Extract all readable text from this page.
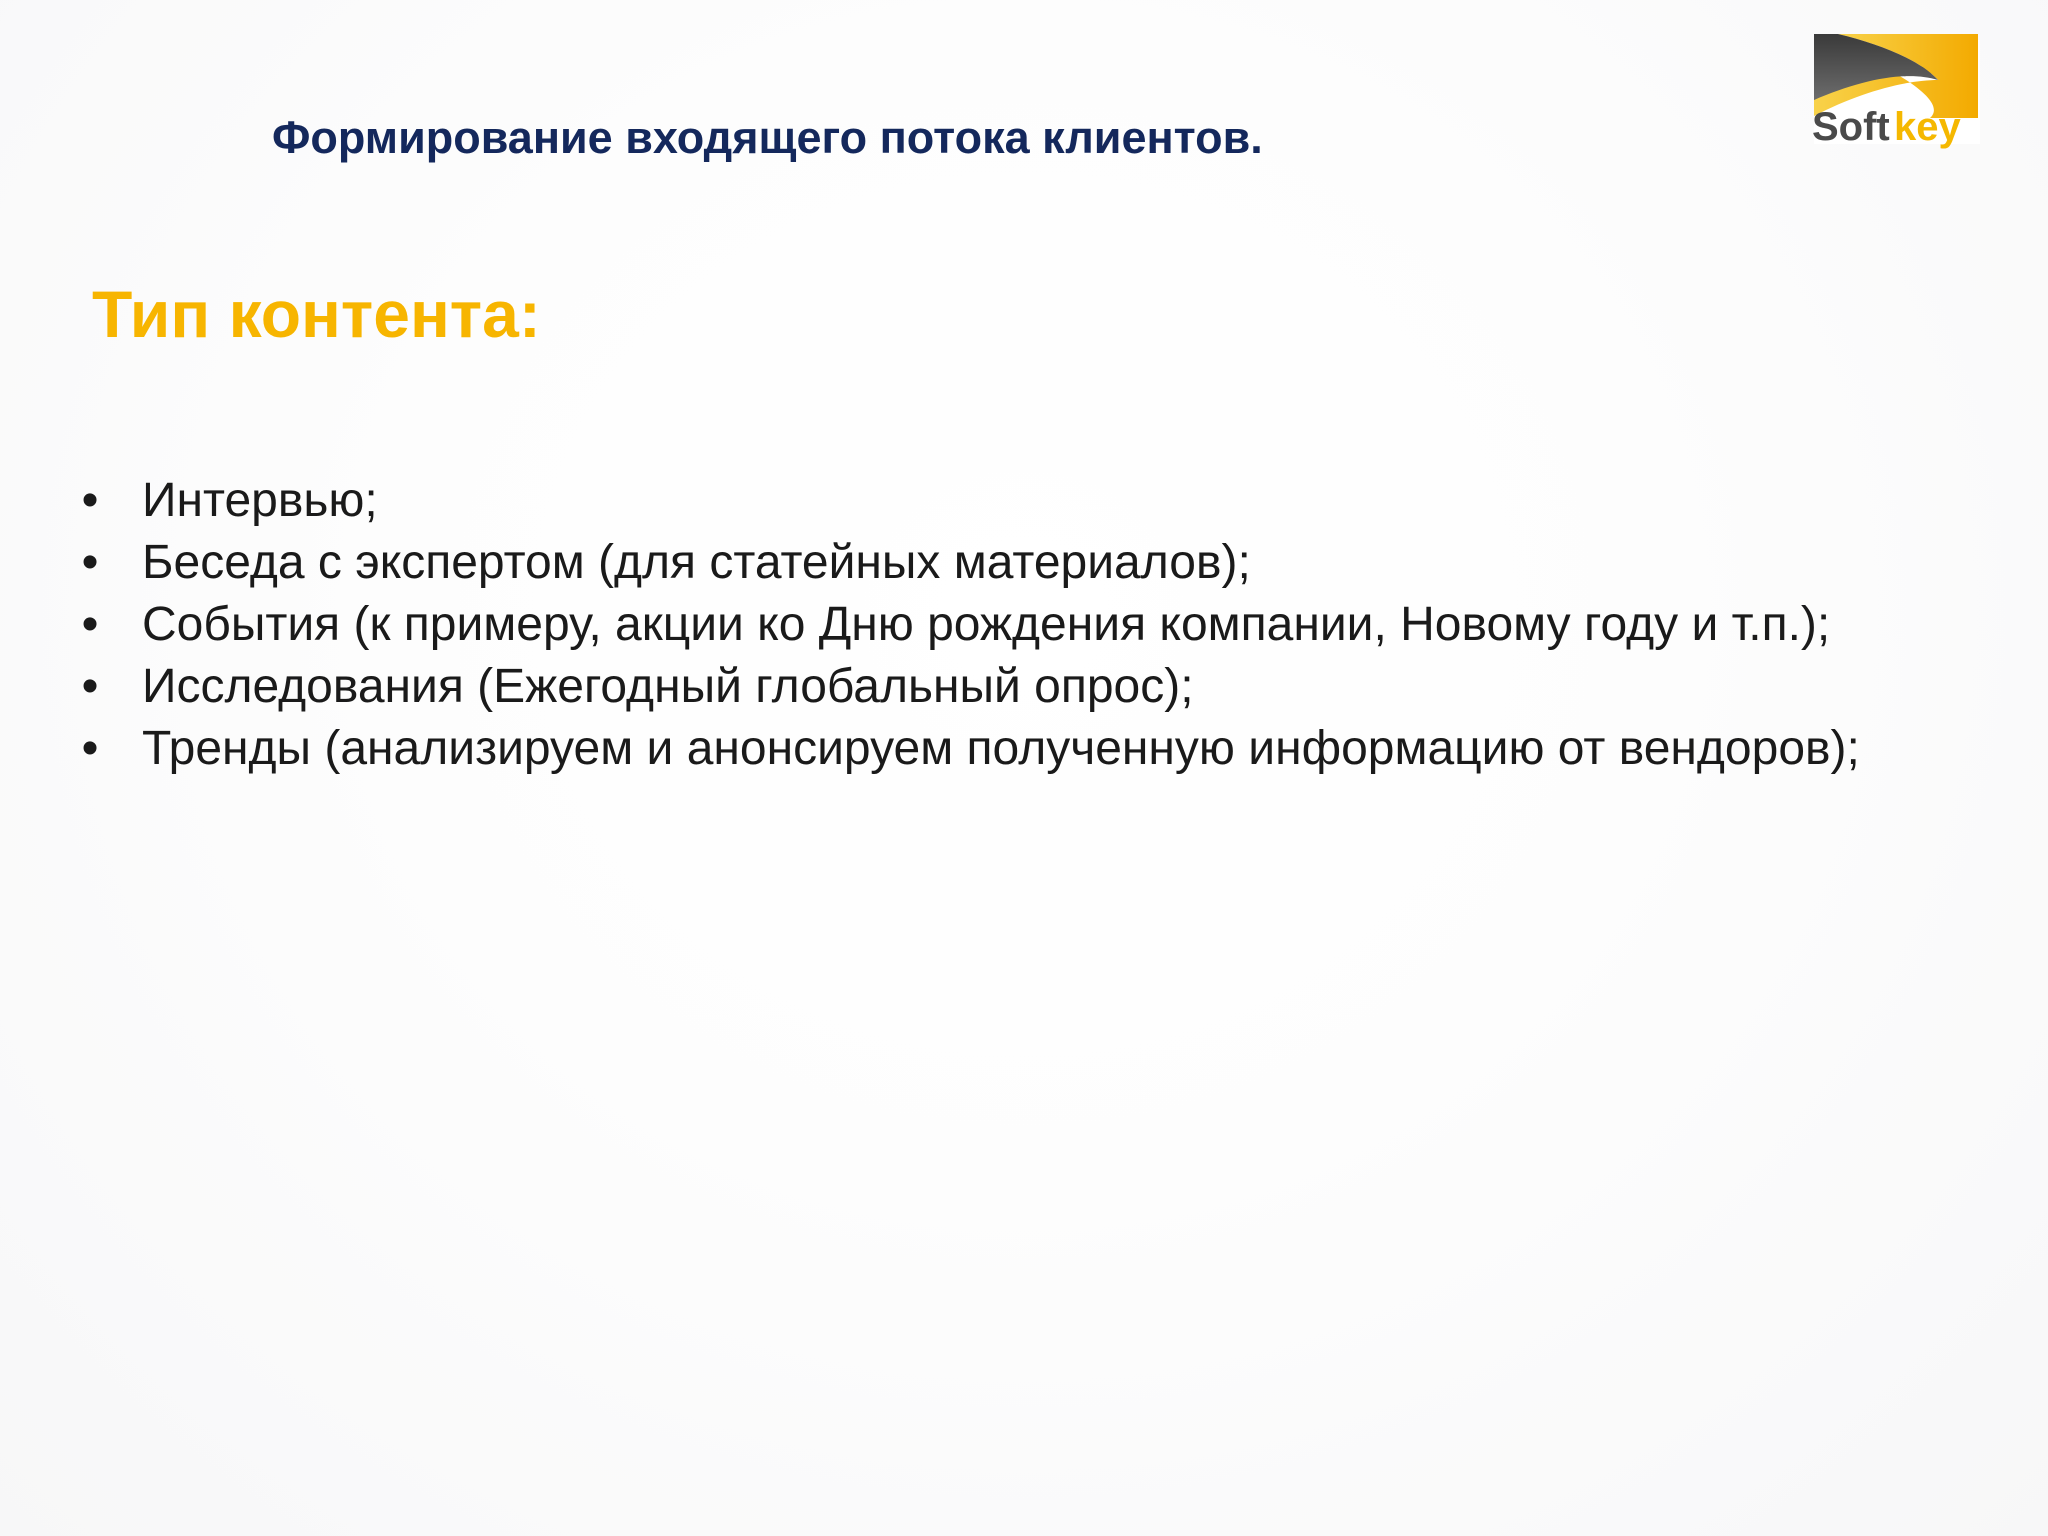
Формирование входящего потока клиентов.	Soft key
Тип контента:
• Интервью;
• Беседа с экспертом (для статейных материалов);
• События (к примеру, акции ко Дню рождения компании, Новому году и т.п.);
• Исследования (Ежегодный глобальный опрос);
• Тренды (анализируем и анонсируем полученную информацию от вендоров);
